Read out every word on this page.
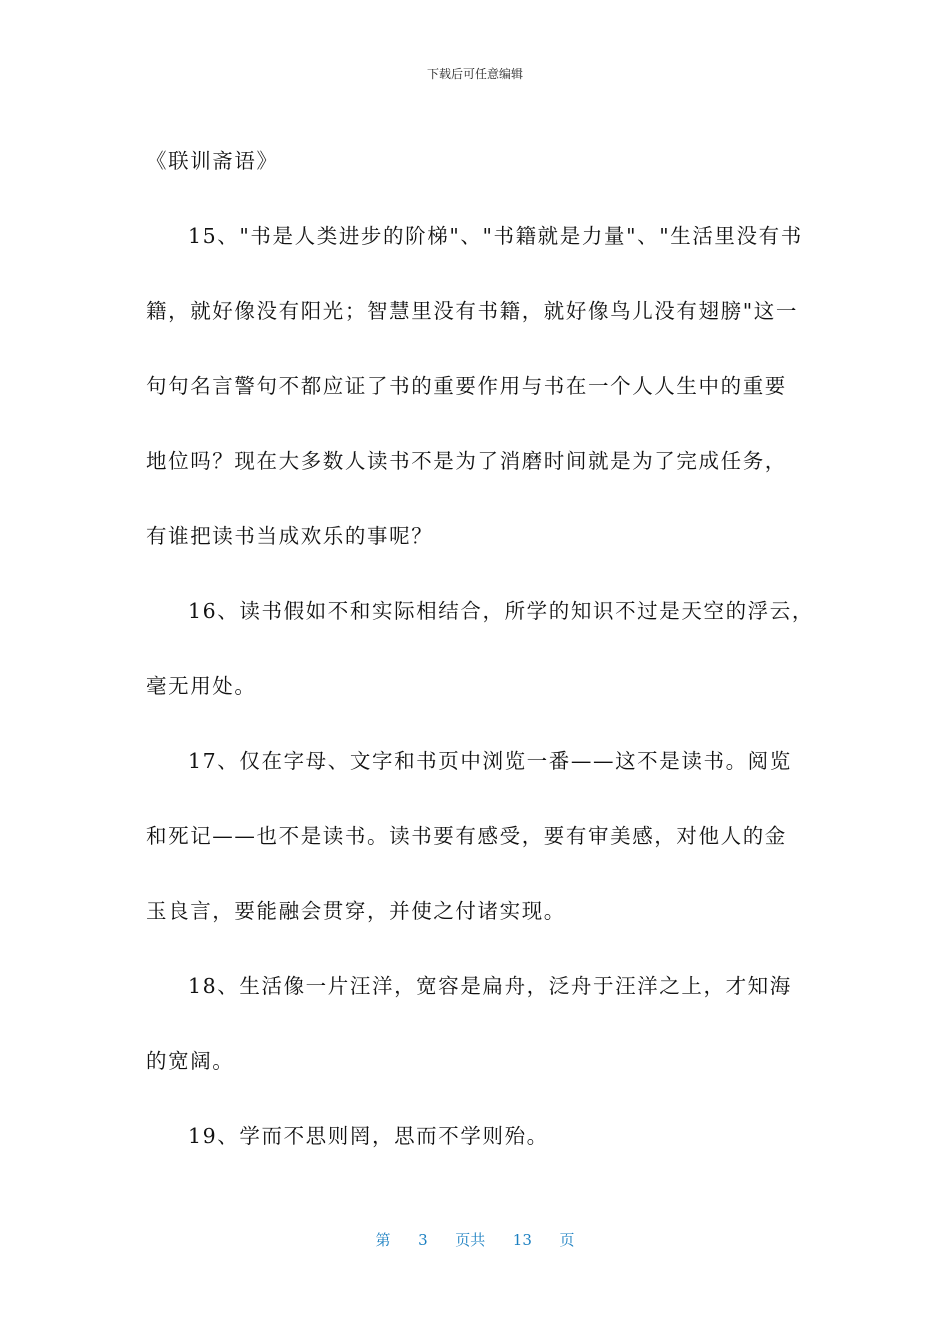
下载后可任意编辑
《联训斋语》
15、"书是人类进步的阶梯"、"书籍就是力量"、"生活里没有书
籍，就好像没有阳光；智慧里没有书籍，就好像鸟儿没有翅膀"这一
句句名言警句不都应证了书的重要作用与书在一个人人生中的重要
地位吗？现在大多数人读书不是为了消磨时间就是为了完成任务，
有谁把读书当成欢乐的事呢？
16、读书假如不和实际相结合，所学的知识不过是天空的浮云，
毫无用处。
17、仅在字母、文字和书页中浏览一番——这不是读书。阅览
和死记——也不是读书。读书要有感受，要有审美感，对他人的金
玉良言，要能融会贯穿，并使之付诸实现。
18、生活像一片汪洋，宽容是扁舟，泛舟于汪洋之上，才知海
的宽阔。
19、学而不思则罔，思而不学则殆。
第 3 页共 13 页
